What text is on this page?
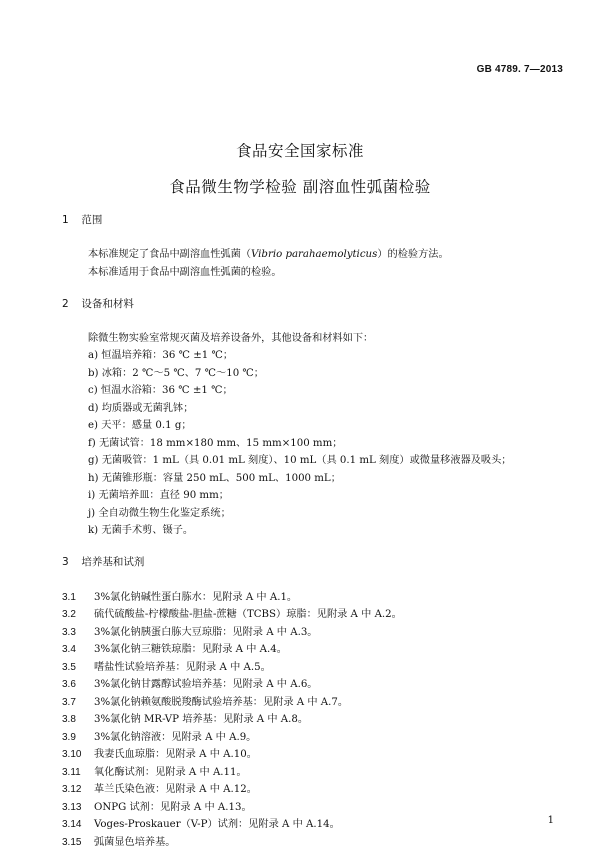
GB 4789. 7—2013
食品安全国家标准
食品微生物学检验 副溶血性弧菌检验
1 范围
本标准规定了食品中副溶血性弧菌（Vibrio parahaemolyticus）的检验方法。
本标准适用于食品中副溶血性弧菌的检验。
2 设备和材料
除微生物实验室常规灭菌及培养设备外，其他设备和材料如下：
a) 恒温培养箱：36 ℃ ±1 ℃；
b) 冰箱：2 ℃～5 ℃、7 ℃～10 ℃；
c) 恒温水浴箱：36 ℃ ±1 ℃；
d) 均质器或无菌乳钵；
e) 天平：感量 0.1 g；
f) 无菌试管：18 mm×180 mm、15 mm×100 mm；
g) 无菌吸管：1 mL（具 0.01 mL 刻度）、10 mL（具 0.1 mL 刻度）或微量移液器及吸头；
h) 无菌锥形瓶：容量 250 mL、500 mL、1000 mL；
i) 无菌培养皿：直径 90 mm；
j) 全自动微生物生化鉴定系统；
k) 无菌手术剪、镊子。
3 培养基和试剂
3.1 3%氯化钠碱性蛋白胨水：见附录 A 中 A.1。
3.2 硫代硫酸盐-柠檬酸盐-胆盐-蔗糖（TCBS）琼脂：见附录 A 中 A.2。
3.3 3%氯化钠胰蛋白胨大豆琼脂：见附录 A 中 A.3。
3.4 3%氯化钠三糖铁琼脂：见附录 A 中 A.4。
3.5 嗜盐性试验培养基：见附录 A 中 A.5。
3.6 3%氯化钠甘露醇试验培养基：见附录 A 中 A.6。
3.7 3%氯化钠赖氨酸脱羧酶试验培养基：见附录 A 中 A.7。
3.8 3%氯化钠 MR-VP 培养基：见附录 A 中 A.8。
3.9 3%氯化钠溶液：见附录 A 中 A.9。
3.10 我妻氏血琼脂：见附录 A 中 A.10。
3.11 氧化酶试剂：见附录 A 中 A.11。
3.12 革兰氏染色液：见附录 A 中 A.12。
3.13 ONPG 试剂：见附录 A 中 A.13。
3.14 Voges-Proskauer（V-P）试剂：见附录 A 中 A.14。
3.15 弧菌显色培养基。
1
